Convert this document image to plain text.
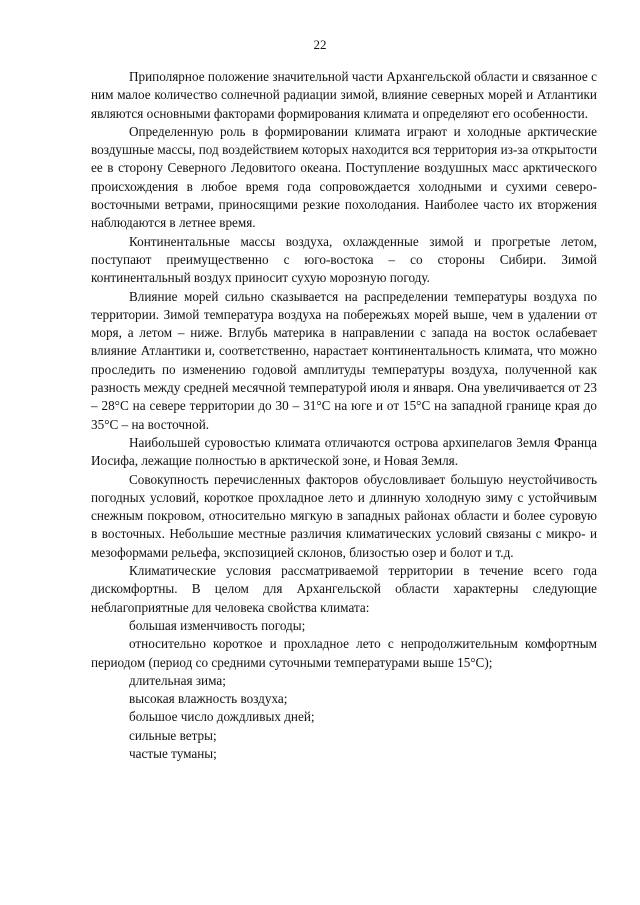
22

Приполярное положение значительной части Архангельской области и связанное с ним малое количество солнечной радиации зимой, влияние северных морей и Атлантики являются основными факторами формирования климата и определяют его особенности.

Определенную роль в формировании климата играют и холодные арктические воздушные массы, под воздействием которых находится вся территория из-за открытости ее в сторону Северного Ледовитого океана. Поступление воздушных масс арктического происхождения в любое время года сопровождается холодными и сухими северо-восточными ветрами, приносящими резкие похолодания. Наиболее часто их вторжения наблюдаются в летнее время.

Континентальные массы воздуха, охлажденные зимой и прогретые летом, поступают преимущественно с юго-востока – со стороны Сибири. Зимой континентальный воздух приносит сухую морозную погоду.

Влияние морей сильно сказывается на распределении температуры воздуха по территории. Зимой температура воздуха на побережьях морей выше, чем в удалении от моря, а летом – ниже. Вглубь материка в направлении с запада на восток ослабевает влияние Атлантики и, соответственно, нарастает континентальность климата, что можно проследить по изменению годовой амплитуды температуры воздуха, полученной как разность между средней месячной температурой июля и января. Она увеличивается от 23 – 28°C на севере территории до 30 – 31°C на юге и от 15°C на западной границе края до 35°C – на восточной.

Наибольшей суровостью климата отличаются острова архипелагов Земля Франца Иосифа, лежащие полностью в арктической зоне, и Новая Земля.

Совокупность перечисленных факторов обусловливает большую неустойчивость погодных условий, короткое прохладное лето и длинную холодную зиму с устойчивым снежным покровом, относительно мягкую в западных районах области и более суровую в восточных. Небольшие местные различия климатических условий связаны с микро- и мезоформами рельефа, экспозицией склонов, близостью озер и болот и т.д.

Климатические условия рассматриваемой территории в течение всего года дискомфортны. В целом для Архангельской области характерны следующие неблагоприятные для человека свойства климата:

большая изменчивость погоды;

относительно короткое и прохладное лето с непродолжительным комфортным периодом (период со средними суточными температурами выше 15°C);

длительная зима;

высокая влажность воздуха;

большое число дождливых дней;

сильные ветры;

частые туманы;
